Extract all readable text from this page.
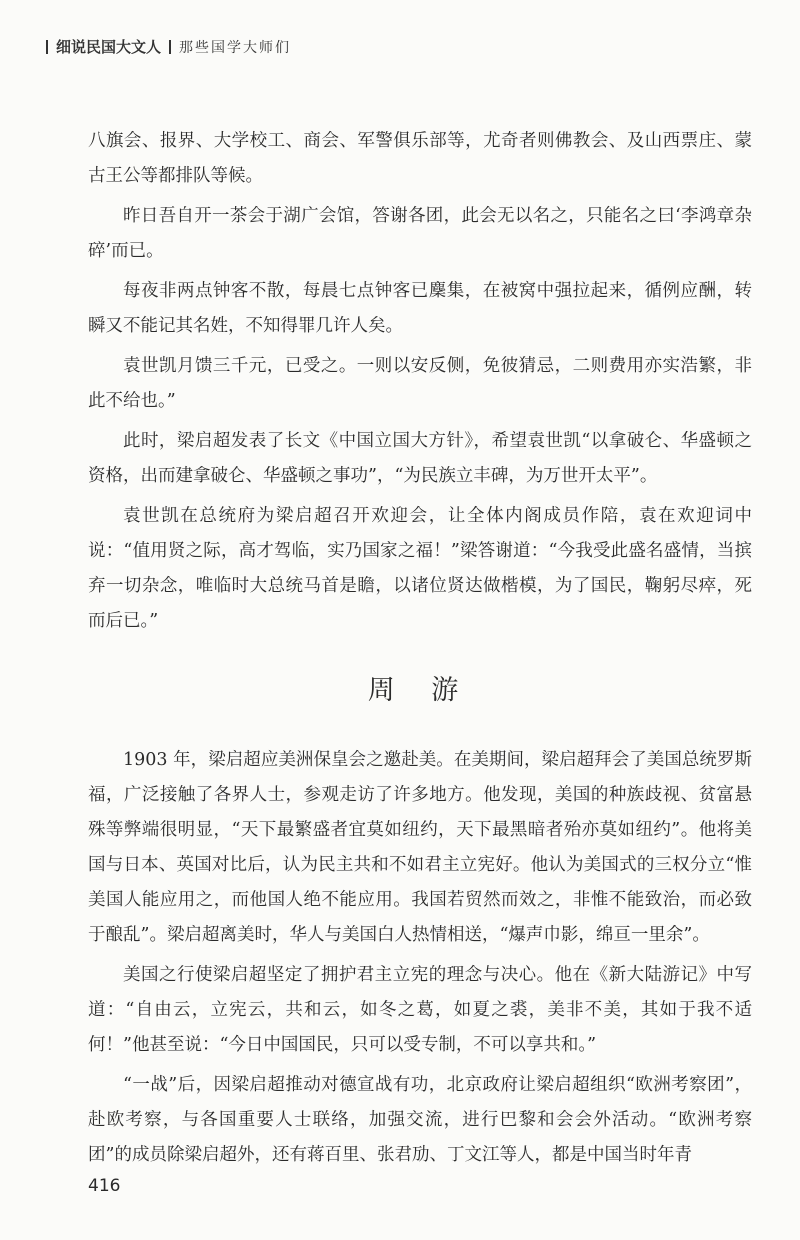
细说民国大文人 那些国学大师们

八旗会、报界、大学校工、商会、军警俱乐部等，尤奇者则佛教会、及山西票庄、蒙古王公等都排队等候。

昨日吾自开一茶会于湖广会馆，答谢各团，此会无以名之，只能名之曰‘李鸿章杂碎’而已。

每夜非两点钟客不散，每晨七点钟客已麇集，在被窝中强拉起来，循例应酬，转瞬又不能记其名姓，不知得罪几许人矣。

袁世凯月馈三千元，已受之。一则以安反侧，免彼猜忌，二则费用亦实浩繁，非此不给也。”

此时，梁启超发表了长文《中国立国大方针》，希望袁世凯“以拿破仑、华盛顿之资格，出而建拿破仑、华盛顿之事功”，“为民族立丰碑，为万世开太平”。

袁世凯在总统府为梁启超召开欢迎会，让全体内阁成员作陪，袁在欢迎词中说：“值用贤之际，高才驾临，实乃国家之福！”梁答谢道：“今我受此盛名盛情，当摈弃一切杂念，唯临时大总统马首是瞻，以诸位贤达做楷模，为了国民，鞠躬尽瘁，死而后已。”

周 游

1903 年，梁启超应美洲保皇会之邀赴美。在美期间，梁启超拜会了美国总统罗斯福，广泛接触了各界人士，参观走访了许多地方。他发现，美国的种族歧视、贫富悬殊等弊端很明显，“天下最繁盛者宜莫如纽约，天下最黑暗者殆亦莫如纽约”。他将美国与日本、英国对比后，认为民主共和不如君主立宪好。他认为美国式的三权分立“惟美国人能应用之，而他国人绝不能应用。我国若贸然而效之，非惟不能致治，而必致于酿乱”。梁启超离美时，华人与美国白人热情相送，“爆声巾影，绵亘一里余”。

美国之行使梁启超坚定了拥护君主立宪的理念与决心。他在《新大陆游记》中写道：“自由云，立宪云，共和云，如冬之葛，如夏之裘，美非不美，其如于我不适何！”他甚至说：“今日中国国民，只可以受专制，不可以享共和。”

“一战”后，因梁启超推动对德宣战有功，北京政府让梁启超组织“欧洲考察团”，赴欧考察，与各国重要人士联络，加强交流，进行巴黎和会会外活动。“欧洲考察团”的成员除梁启超外，还有蒋百里、张君劢、丁文江等人，都是中国当时年青

416
